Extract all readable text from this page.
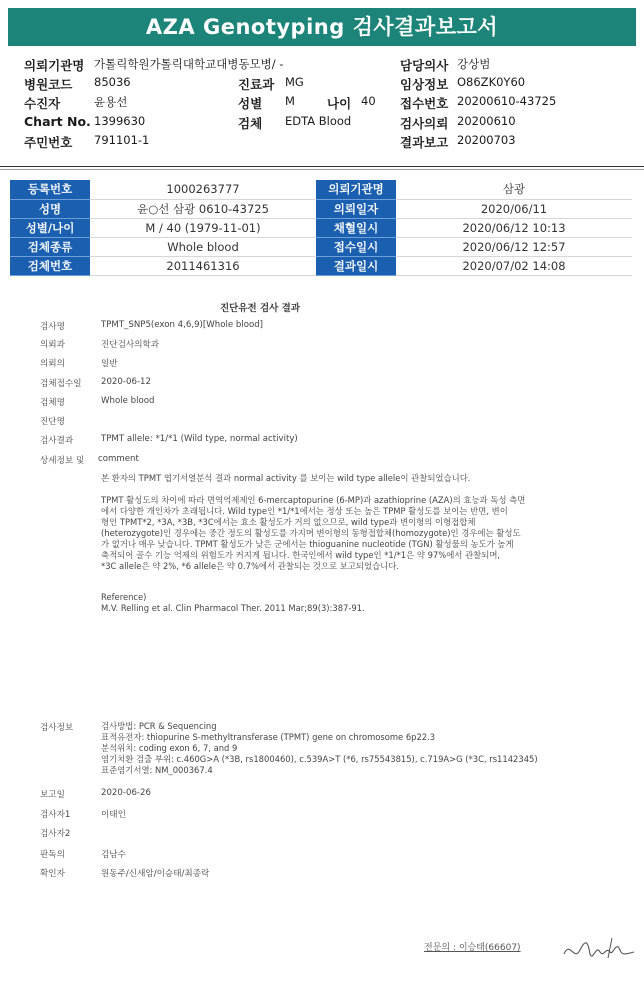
AZA Genotyping 검사결과보고서
의뢰기관명 가톨릭학원가톨릭대학교대병동모병/ -	담당의사 강상범
병원코드 85036	진료과 MG	임상정보 O86ZK0Y60
수진자	윤용선	성별 M	나이 40 접수번호 20200610-43725
Chart No. 1399630	검체 EDTA Blood	검사의뢰 20200610
주민번호 791101-1	결과보고 20200703
등록번호	1000263777	의뢰기관명	삼광
성명	윤○선 삼광 0610-43725	의뢰일자	2020/06/11
성별/나이	M / 40 (1979-11-01)	채혈일시	2020/06/12 10:13
검체종류	Whole blood	접수일시	2020/06/12 12:57
검체번호	2011461316	결과일시	2020/07/02 14:08
진단유전 검사 결과
검사명	TPMT_SNP5(exon 4,6,9)[Whole blood]
의뢰과	진단검사의학과
의뢰의	일반
검체접수일 2020-06-12
검체명	Whole blood
진단명
검사결과	TPMT allele: *1/*1 (Wild type, normal activity)
상세정보 및 comment
본 환자의 TPMT 엽기서열분석 결과 normal activity 를 보이는 wild type allele이 관찰되었습니다.
TPMT 활성도의 차이에 따라 면역억제제인 6-mercaptopurine (6-MP)과 azathioprine (AZA)의 효능과 독성 측면
에서 다양한 개인차가 초래됩니다. Wild type인 *1/*1에서는 정상 또는 높은 TPMP 활성도를 보이는 반면, 변이
형인 TPMT*2, *3A, *3B, *3C에서는 효소 활성도가 거의 없으므로, wild type과 변이형의 이형접합체
(heterozygote)인 경우에는 중간 정도의 활성도를 가지며 변이형의 동형접합체(homozygote)인 경우에는 활성도
가 없거나 매우 낮습니다. TPMT 활성도가 낮은 군에서는 thioguanine nucleotide (TGN) 활성물의 농도가 높게
축적되어 골수 기능 억제의 위험도가 커지게 됩니다. 한국인에서 wild type인 *1/*1은 약 97%에서 관찰되며,
*3C allele은 약 2%, *6 allele은 약 0.7%에서 관찰되는 것으로 보고되었습니다.
Reference)
M.V. Relling et al. Clin Pharmacol Ther. 2011 Mar;89(3):387-91.
검사정보	검사방법: PCR & Sequencing
표적유전자: thiopurine S-methyltransferase (TPMT) gene on chromosome 6p22.3
분석위치: coding exon 6, 7, and 9
염기치환 검출 부위: c.460G>A (*3B, rs1800460), c.539A>T (*6, rs75543815), c.719A>G (*3C, rs1142345)
표준염기서열: NM_000367.4
보고일	2020-06-26
검사자1	이태인
검사자2
판독의	김남수
확인자	원동주/신새암/이승태/최종락
전문의 : 이승태(66607)
